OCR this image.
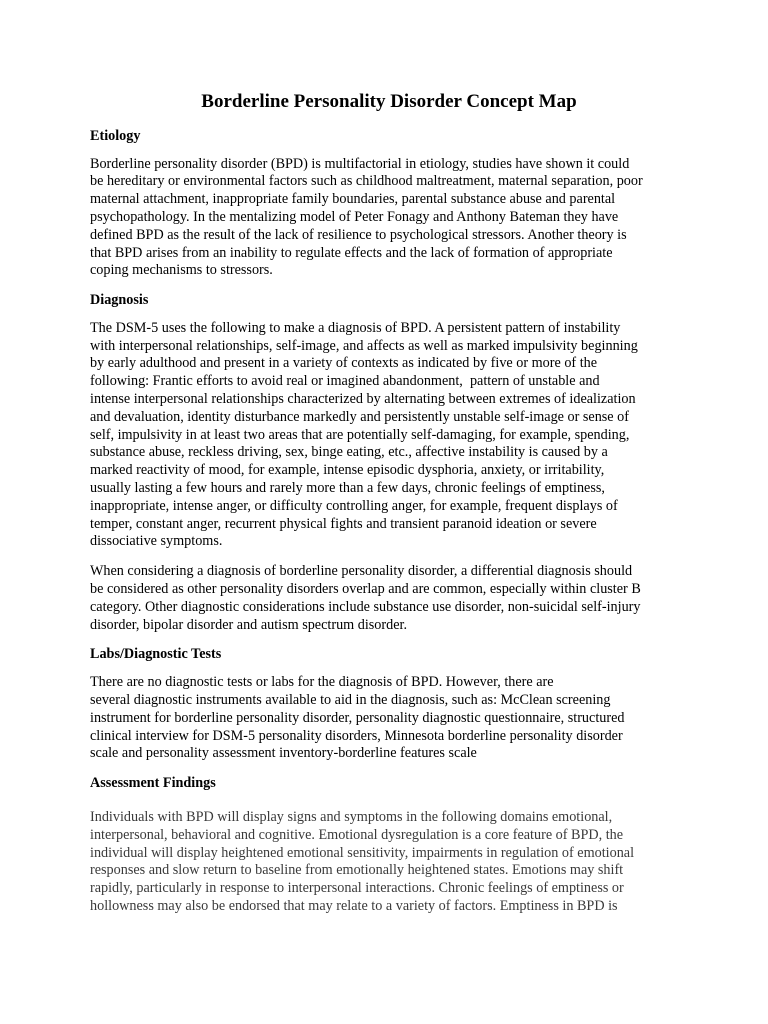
Borderline Personality Disorder Concept Map
Etiology

Borderline personality disorder (BPD) is multifactorial in etiology, studies have shown it could
be hereditary or environmental factors such as childhood maltreatment, maternal separation, poor
maternal attachment, inappropriate family boundaries, parental substance abuse and parental
psychopathology. In the mentalizing model of Peter Fonagy and Anthony Bateman they have
defined BPD as the result of the lack of resilience to psychological stressors. Another theory is
that BPD arises from an inability to regulate effects and the lack of formation of appropriate
coping mechanisms to stressors.

Diagnosis

The DSM-5 uses the following to make a diagnosis of BPD. A persistent pattern of instability
with interpersonal relationships, self-image, and affects as well as marked impulsivity beginning
by early adulthood and present in a variety of contexts as indicated by five or more of the
following: Frantic efforts to avoid real or imagined abandonment,  pattern of unstable and
intense interpersonal relationships characterized by alternating between extremes of idealization
and devaluation, identity disturbance markedly and persistently unstable self-image or sense of
self, impulsivity in at least two areas that are potentially self-damaging, for example, spending,
substance abuse, reckless driving, sex, binge eating, etc., affective instability is caused by a
marked reactivity of mood, for example, intense episodic dysphoria, anxiety, or irritability,
usually lasting a few hours and rarely more than a few days, chronic feelings of emptiness,
inappropriate, intense anger, or difficulty controlling anger, for example, frequent displays of
temper, constant anger, recurrent physical fights and transient paranoid ideation or severe
dissociative symptoms.

When considering a diagnosis of borderline personality disorder, a differential diagnosis should
be considered as other personality disorders overlap and are common, especially within cluster B
category. Other diagnostic considerations include substance use disorder, non-suicidal self-injury
disorder, bipolar disorder and autism spectrum disorder.

Labs/Diagnostic Tests

There are no diagnostic tests or labs for the diagnosis of BPD. However, there are
several diagnostic instruments available to aid in the diagnosis, such as: McClean screening
instrument for borderline personality disorder, personality diagnostic questionnaire, structured
clinical interview for DSM-5 personality disorders, Minnesota borderline personality disorder
scale and personality assessment inventory-borderline features scale

Assessment Findings

Individuals with BPD will display signs and symptoms in the following domains emotional,
interpersonal, behavioral and cognitive. Emotional dysregulation is a core feature of BPD, the
individual will display heightened emotional sensitivity, impairments in regulation of emotional
responses and slow return to baseline from emotionally heightened states. Emotions may shift
rapidly, particularly in response to interpersonal interactions. Chronic feelings of emptiness or
hollowness may also be endorsed that may relate to a variety of factors. Emptiness in BPD is
